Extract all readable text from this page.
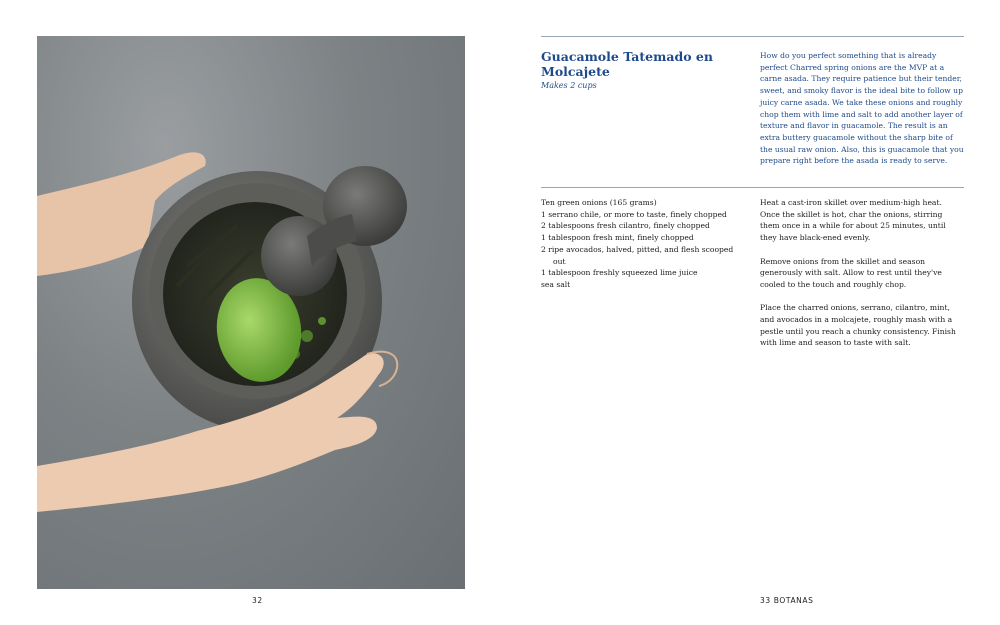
32
Guacamole Tatemado en Molcajete
Makes 2 cups
How do you perfect something that is already perfect Charred spring onions are the MVP at a carne asada. They require patience but their tender, sweet, and smoky flavor is the ideal bite to follow up juicy carne asada. We take these onions and roughly chop them with lime and salt to add another layer of texture and flavor in guacamole. The result is an extra buttery guacamole without the sharp bite of the usual raw onion. Also, this is guacamole that you prepare right before the asada is ready to serve.
Ten green onions (165 grams)
1 serrano chile, or more to taste, finely chopped
2 tablespoons fresh cilantro, finely chopped
1 tablespoon fresh mint, finely chopped
2 ripe avocados, halved, pitted, and flesh scooped out
1 tablespoon freshly squeezed lime juice
sea salt

Heat a cast-iron skillet over medium-high heat. Once the skillet is hot, char the onions, stirring them once in a while for about 25 minutes, until they have black-ened evenly.

Remove onions from the skillet and season generously with salt. Allow to rest until they've cooled to the touch and roughly chop.

Place the charred onions, serrano, cilantro, mint, and avocados in a molcajete, roughly mash with a pestle until you reach a chunky consistency. Finish with lime and season to taste with salt.

33 BOTANAS
